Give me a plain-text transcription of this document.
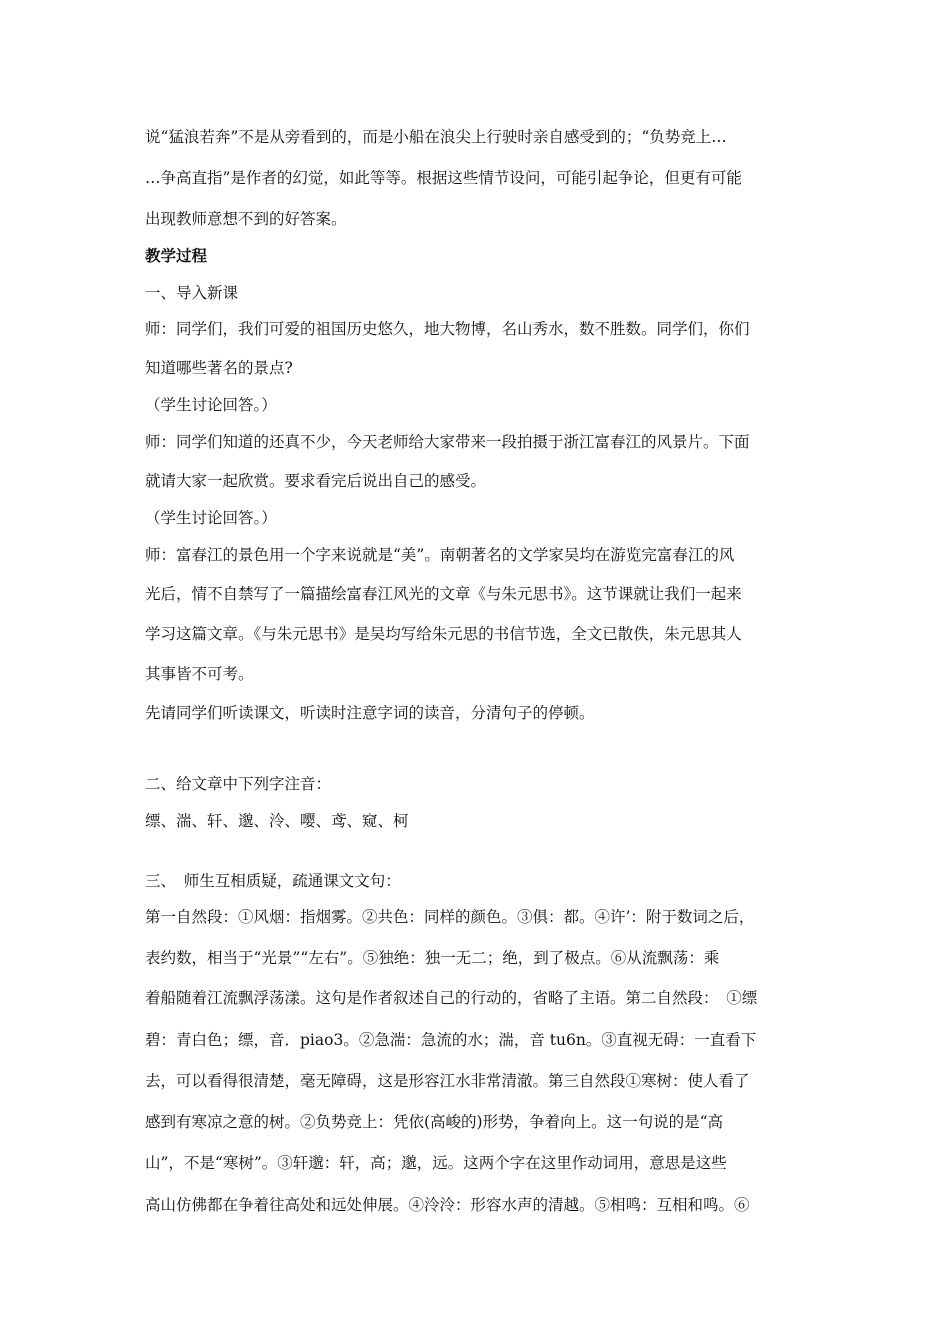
说“猛浪若奔”不是从旁看到的，而是小船在浪尖上行驶时亲自感受到的；“负势竞上…
…争高直指”是作者的幻觉，如此等等。根据这些情节设问，可能引起争论，但更有可能
出现教师意想不到的好答案。
教学过程
一、导入新课
师：同学们，我们可爱的祖国历史悠久，地大物博，名山秀水，数不胜数。同学们，你们
知道哪些著名的景点?
（学生讨论回答。）
师：同学们知道的还真不少，今天老师给大家带来一段拍摄于浙江富春江的风景片。下面
就请大家一起欣赏。要求看完后说出自己的感受。
（学生讨论回答。）
师：富春江的景色用一个字来说就是“美”。南朝著名的文学家吴均在游览完富春江的风
光后，情不自禁写了一篇描绘富春江风光的文章《与朱元思书》。这节课就让我们一起来
学习这篇文章。《与朱元思书》是吴均写给朱元思的书信节选，全文已散佚，朱元思其人
其事皆不可考。
先请同学们听读课文，听读时注意字词的读音，分清句子的停顿。
二、给文章中下列字注音：
缥、湍、轩、邈、泠、嘤、鸢、窥、柯
三、　师生互相质疑，疏通课文文句：
第一自然段：①风烟：指烟雾。②共色：同样的颜色。③俱：都。④许’：附于数词之后，
表约数，相当于“光景”“左右”。⑤独绝：独一无二；绝，到了极点。⑥从流飘荡：乘
着船随着江流飘浮荡漾。这句是作者叙述自己的行动的，省略了主语。第二自然段：　①缥
碧：青白色；缥，音．piao3。②急湍：急流的水；湍，音 tu6n。③直视无碍：一直看下
去，可以看得很清楚，毫无障碍，这是形容江水非常清澈。第三自然段①寒树：使人看了
感到有寒凉之意的树。②负势竞上：凭依(高峻的)形势，争着向上。这一句说的是“高
山”，不是“寒树”。③轩邈：轩，高；邈，远。这两个字在这里作动词用，意思是这些
高山仿佛都在争着往高处和远处伸展。④泠泠：形容水声的清越。⑤相鸣：互相和鸣。⑥
